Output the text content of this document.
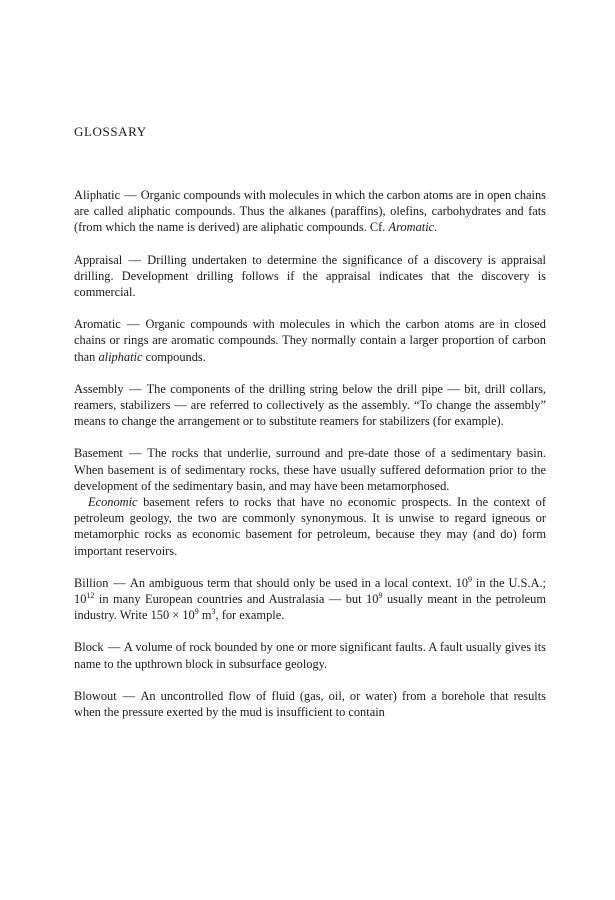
GLOSSARY

Aliphatic — Organic compounds with molecules in which the carbon atoms are in open chains are called aliphatic compounds. Thus the alkanes (paraffins), olefins, carbohydrates and fats (from which the name is derived) are aliphatic compounds. Cf. Aromatic.

Appraisal — Drilling undertaken to determine the significance of a discovery is appraisal drilling. Development drilling follows if the appraisal indicates that the discovery is commercial.

Aromatic — Organic compounds with molecules in which the carbon atoms are in closed chains or rings are aromatic compounds. They normally contain a larger proportion of carbon than aliphatic compounds.

Assembly — The components of the drilling string below the drill pipe — bit, drill collars, reamers, stabilizers — are referred to collectively as the assembly. “To change the assembly” means to change the arrangement or to substitute reamers for stabilizers (for example).

Basement — The rocks that underlie, surround and pre-date those of a sedimentary basin. When basement is of sedimentary rocks, these have usually suffered deformation prior to the development of the sedimentary basin, and may have been metamorphosed.

Economic basement refers to rocks that have no economic prospects. In the context of petroleum geology, the two are commonly synonymous. It is unwise to regard igneous or metamorphic rocks as economic basement for petroleum, because they may (and do) form important reservoirs.

Billion — An ambiguous term that should only be used in a local context. $10^9$ in the U.S.A.; $10^{12}$ in many European countries and Australasia — but $10^9$ usually meant in the petroleum industry. Write $150 \times 10^9$ $m^3$, for example.

Block — A volume of rock bounded by one or more significant faults. A fault usually gives its name to the upthrown block in subsurface geology.

Blowout — An uncontrolled flow of fluid (gas, oil, or water) from a borehole that results when the pressure exerted by the mud is insufficient to contain
